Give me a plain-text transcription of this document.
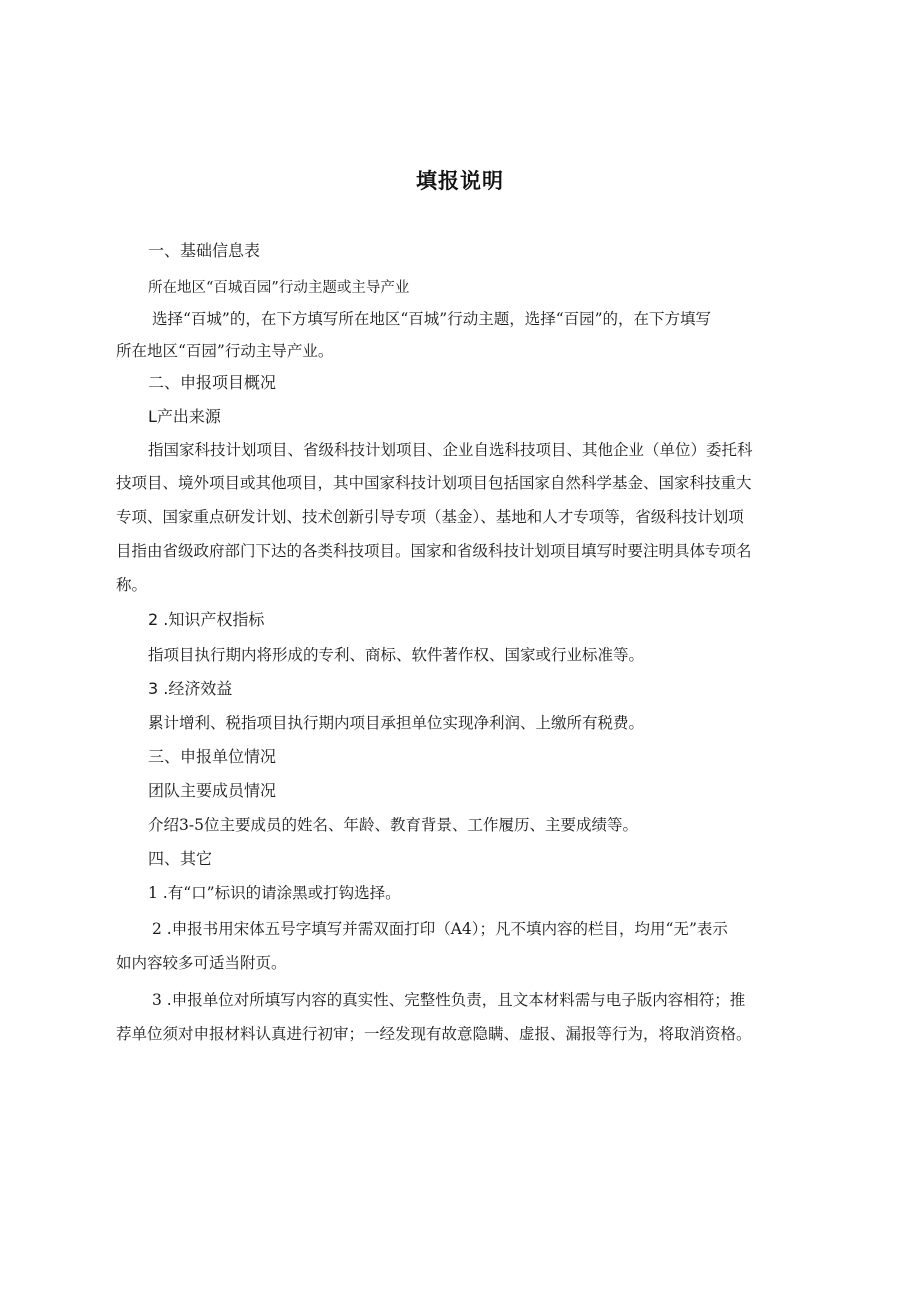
填报说明
一、基础信息表
所在地区“百城百园”行动主题或主导产业
选择“百城”的，在下方填写所在地区“百城”行动主题，选择“百园”的，在下方填写
所在地区“百园”行动主导产业。
二、申报项目概况
L产出来源
指国家科技计划项目、省级科技计划项目、企业自选科技项目、其他企业（单位）委托科
技项目、境外项目或其他项目，其中国家科技计划项目包括国家自然科学基金、国家科技重大
专项、国家重点研发计划、技术创新引导专项（基金）、基地和人才专项等，省级科技计划项
目指由省级政府部门下达的各类科技项目。国家和省级科技计划项目填写时要注明具体专项名
称。
2 .知识产权指标
指项目执行期内将形成的专利、商标、软件著作权、国家或行业标准等。
3 .经济效益
累计增利、税指项目执行期内项目承担单位实现净利润、上缴所有税费。
三、申报单位情况
团队主要成员情况
介绍3-5位主要成员的姓名、年龄、教育背景、工作履历、主要成绩等。
四、其它
1 .有“口”标识的请涂黑或打钩选择。
2 .申报书用宋体五号字填写并需双面打印（A4）；凡不填内容的栏目，均用“无”表示
如内容较多可适当附页。
3 .申报单位对所填写内容的真实性、完整性负责，且文本材料需与电子版内容相符；推
荐单位须对申报材料认真进行初审；一经发现有故意隐瞒、虚报、漏报等行为，将取消资格。
